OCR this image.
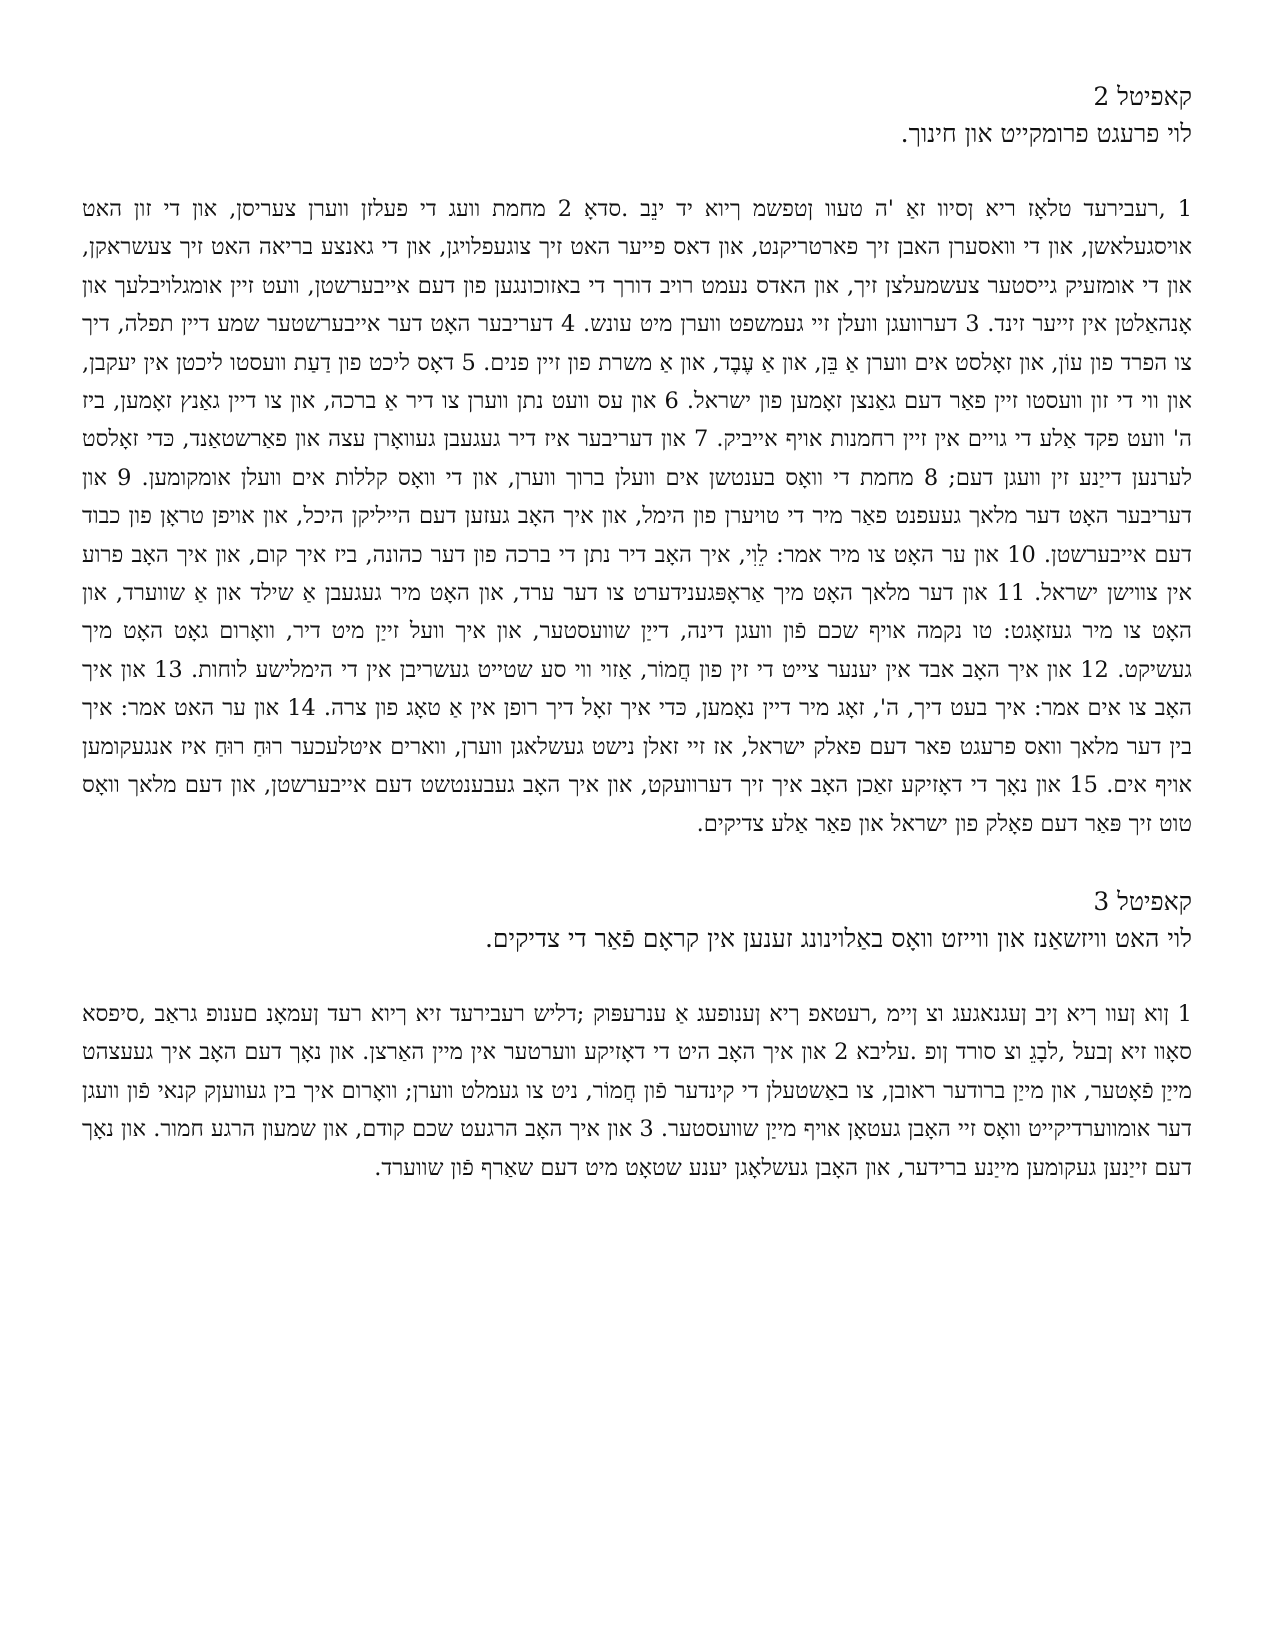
קאפיטל 2

לוי פרעגט פרומקייט און חינוך.

1 ,רעבירעד טלאָז ריא ןסיוו זאַ 'ה טעוו ןטפשמ ךיוא יד ינֵב .סדאָ 2 מחמת וועג די פעלזן ווערן צעריסן, און די זון האט אויסגעלאשן, און די וואסערן האבן זיך פארטריקנט, און דאס פייער האט זיך צוגעפלויגן, און די גאנצע בריאה האט זיך צעשראקן, און די אומזעיק גייסטער צעשמעלצן זיך, און האדס נעמט רויב דורך די באזוכונגען פון דעם אייבערשטן, וועט זיין אומגלויבלעך און אָנהאַלטן אין זייער זינד. 3 דערוועגן וועלן זיי געמשפט ווערן מיט עונש. 4 דעריבער האָט דער אייבערשטער שמע דיין תפלה, דיך צו הפרד פון עוֹן, און זאָלסט אים ווערן אַ בֵּן, און אַ עֶבֶד, און אַ משרת פון זיין פנים. 5 דאָס ליכט פון דַעַת וועסטו ליכטן אין יעקבן, און ווי די זון וועסטו זיין פאַר דעם גאַנצן זאָמען פון ישראל. 6 און עס וועט נתן ווערן צו דיר אַ ברכה, און צו דיין גאַנץ זאָמען, ביז ה' וועט פקד אַלע די גויים אין זיין רחמנות אויף אייביק. 7 און דעריבער איז דיר געגעבן געוואָרן עצה און פאַרשטאַנד, כּדי זאָלסט לערנען דייַנע זין וועגן דעם; 8 מחמת די וואָס בענטשן אים וועלן ברוך ווערן, און די וואָס קללות אים וועלן אומקומען. 9 און דעריבער האָט דער מלאך געעפנט פאַר מיר די טויערן פון הימל, און איך האָב געזען דעם הייליקן היכל, און אויפן טראָן פון כבוד דעם אייבערשטן. 10 און ער האָט צו מיר אמר: לֵוִי, איך האָב דיר נתן די ברכה פון דער כהונה, ביז איך קום, און איך האָב פרוע אין צווישן ישראל. 11 און דער מלאך האָט מיך אַראָפּגענידערט צו דער ערד, און האָט מיר געגעבן אַ שילד און אַ שווערד, און האָט צו מיר געזאָגט: טו נקמה אויף שכם פֿון וועגן דינה, דייַן שוועסטער, און איך וועל זייַן מיט דיר, וואָרום גאָט האָט מיך געשיקט. 12 און איך האָב אבד אין יענער צייט די זין פון חֲמוֹר, אַזוי ווי סע שטייט געשריבן אין די הימלישע לוחות. 13 און איך האָב צו אים אמר: איך בעט דיך, ה', זאָג מיר דיין נאָמען, כּדי איך זאָל דיך רופן אין אַ טאָג פון צרה. 14 און ער האט אמר: איך בין דער מלאך וואס פרעגט פאר דעם פאלק ישראל, אז זיי זאלן נישט געשלאגן ווערן, ווארים איטלעכער רוּחַ רוּחַ איז אנגעקומען אויף אים. 15 און נאָך די דאָזיקע זאַכן האָב איך זיך דערוועקט, און איך האָב געבענטשט דעם אייבערשטן, און דעם מלאך וואָס טוט זיך פּאַר דעם פאָלק פון ישראל און פאַר אַלע צדיקים.

קאפיטל 3

לוי האט וויזשאַנז און ווייזט וואָס באַלוינונג זענען אין קראָם פֿאַר די צדיקים.

1 ןוא ןעוו ךיא ןיב ןעגנאגעג וצ ןיימ ,רעטאפ ךיא ןענופעג אַ ענרעפּוק ;דליש רעבירעד זיא ךיוא רעד ןעמאָנ םענופ גראַב ,סיפסא סאָוו זיא ןבעל ,לבָגֵ וצ סורד ןופ .עליבא 2 און איך האָב היט די דאָזיקע ווערטער אין מיין האַרצן. און נאָך דעם האָב איך געעצהט מייַן פֿאָטער, און מייַן ברודער ראובן, צו באַשטעלן די קינדער פֿון חֲמוֹר, ניט צו געמלט ווערן; וואָרום איך בין געוועןק קנאי פֿון וועגן דער אומווערדיקייט וואָס זיי האָבן געטאָן אויף מייַן שוועסטער. 3 און איך האָב הרגעט שכם קודם, און שמעון הרגע חמור. און נאָך דעם זייַנען געקומען מייַנע ברידער, און האָבן געשלאָגן יענע שטאָט מיט דעם שאַרף פֿון שווערד.
